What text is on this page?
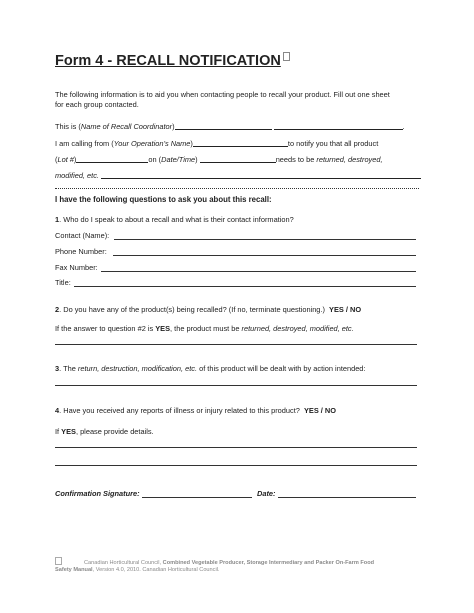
Form 4 - RECALL NOTIFICATION
The following information is to aid you when contacting people to recall your product. Fill out one sheet
for each group contacted.
This is (Name of Recall Coordinator)	.
I am calling from (Your Operation’s Name)	to notify you that all product
(Lot #)	on (Date/Time)	needs to be returned, destroyed,
modified, etc.
I have the following questions to ask you about this recall:
1. Who do I speak to about a recall and what is their contact information?
Contact (Name):
Phone Number:
Fax Number:
Title:
2. Do you have any of the product(s) being recalled? (If no, terminate questioning.) YES / NO
If the answer to question #2 is YES, the product must be returned, destroyed, modified, etc.
3. The return, destruction, modification, etc. of this product will be dealt with by action intended:
4. Have you received any reports of illness or injury related to this product? YES / NO
If YES, please provide details.
Confirmation Signature:	Date:
Canadian Horticultural Council, Combined Vegetable Producer, Storage Intermediary and Packer On-Farm Food
Safety Manual, Version 4.0, 2010. Canadian Horticultural Council.
